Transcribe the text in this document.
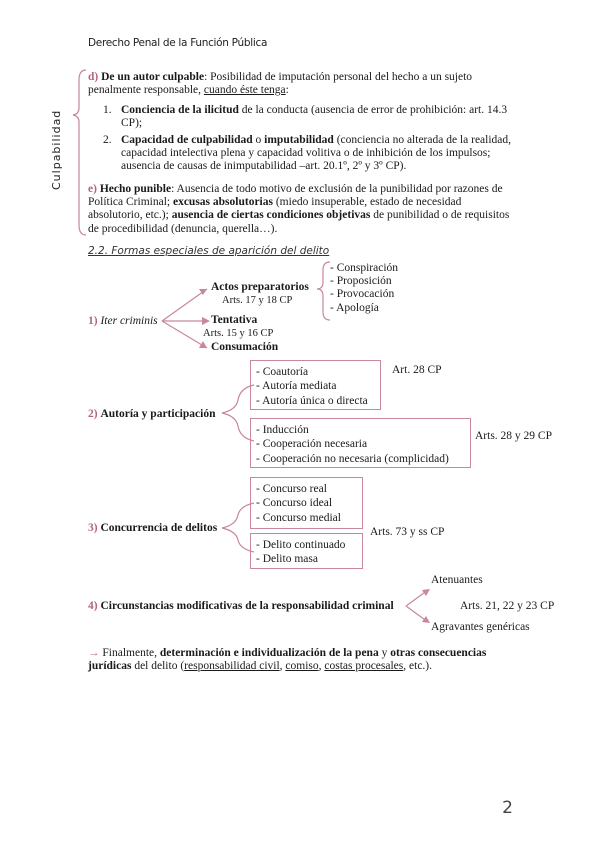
Derecho Penal de la Función Pública
Culpabilidad
d) De un autor culpable: Posibilidad de imputación personal del hecho a un sujeto penalmente responsable, cuando éste tenga:
1. Conciencia de la ilicitud de la conducta (ausencia de error de prohibición: art. 14.3 CP);
2. Capacidad de culpabilidad o imputabilidad (conciencia no alterada de la realidad, capacidad intelectiva plena y capacidad volitiva o de inhibición de los impulsos; ausencia de causas de inimputabilidad –art. 20.1º, 2º y 3º CP).
e) Hecho punible: Ausencia de todo motivo de exclusión de la punibilidad por razones de Política Criminal; excusas absolutorias (miedo insuperable, estado de necesidad absolutorio, etc.); ausencia de ciertas condiciones objetivas de punibilidad o de requisitos de procedibilidad (denuncia, querella…).
2.2. Formas especiales de aparición del delito
- Conspiración
- Proposición
- Provocación
- Apología
Actos preparatorios
Arts. 17 y 18 CP
1) Iter criminis	Tentativa
Arts. 15 y 16 CP
Consumación
- Coautoría
- Autoría mediata
- Autoría única o directa
Art. 28 CP
2) Autoría y participación
- Inducción
- Cooperación necesaria
- Cooperación no necesaria (complicidad)
Arts. 28 y 29 CP
- Concurso real
- Concurso ideal
- Concurso medial
3) Concurrencia de delitos	Arts. 73 y ss CP
- Delito continuado
- Delito masa
Atenuantes
4) Circunstancias modificativas de la responsabilidad criminal	Arts. 21, 22 y 23 CP
Agravantes genéricas
→ Finalmente, determinación e individualización de la pena y otras consecuencias jurídicas del delito (responsabilidad civil, comiso, costas procesales, etc.).
2
